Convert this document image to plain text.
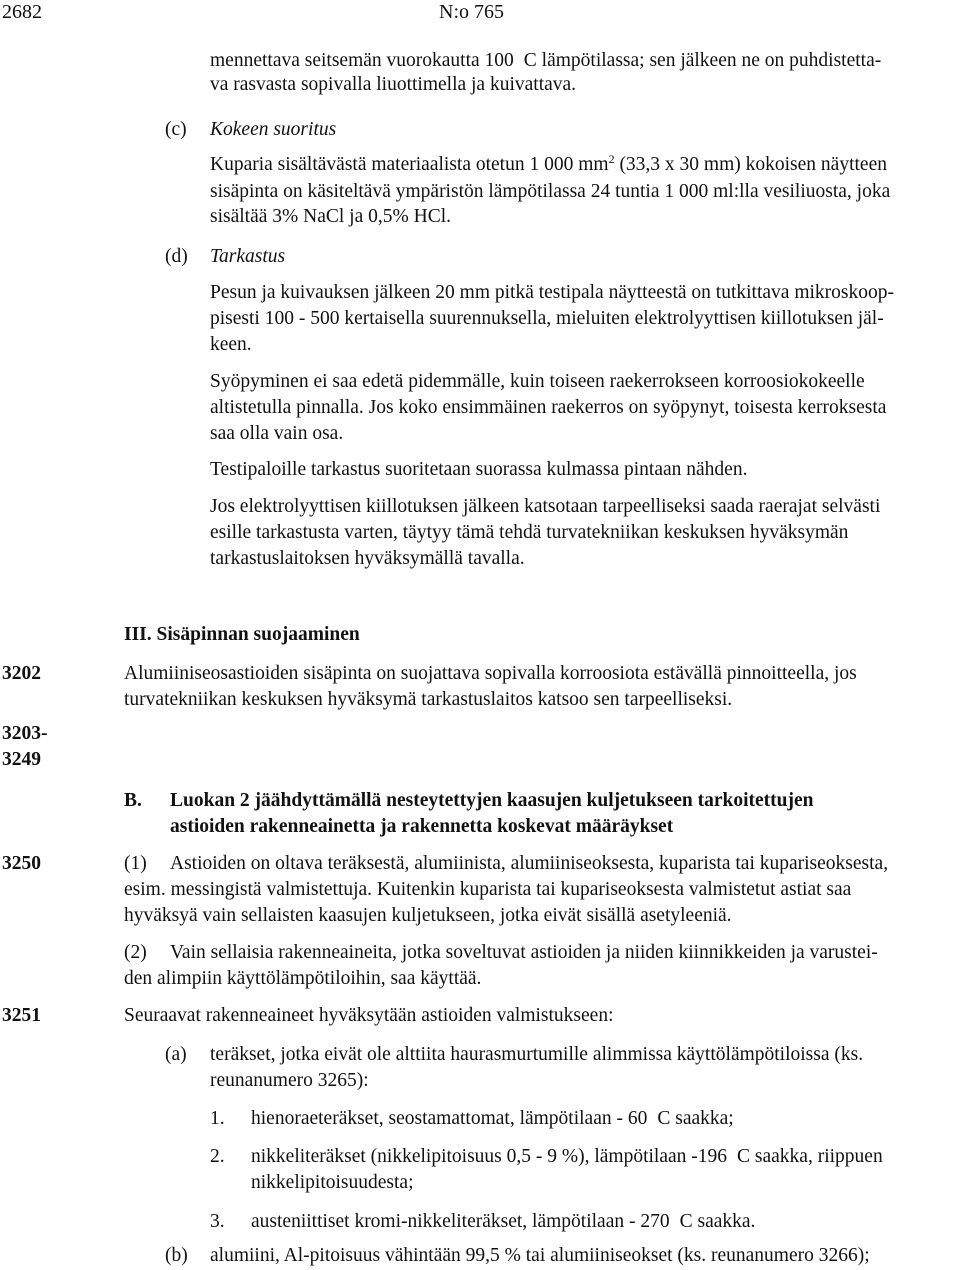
2682	N:o 765
mennettava seitsemän vuorokautta 100 C lämpötilassa; sen jälkeen ne on puhdistetta-
va rasvasta sopivalla liuottimella ja kuivattava.
(c) Kokeen suoritus
Kuparia sisältävästä materiaalista otetun 1 000 $mm^2$ (33,3 x 30 mm) kokoisen näytteen
sisäpinta on käsiteltävä ympäristön lämpötilassa 24 tuntia 1 000 ml:lla vesiliuosta, joka
sisältää 3% NaCl ja 0,5% HCl.
(d) Tarkastus
Pesun ja kuivauksen jälkeen 20 mm pitkä testipala näytteestä on tutkittava mikroskoop-
pisesti 100 - 500 kertaisella suurennuksella, mieluiten elektrolyyttisen kiillotuksen jäl-
keen.
Syöpyminen ei saa edetä pidemmälle, kuin toiseen raekerrokseen korroosiokokeelle
altistetulla pinnalla. Jos koko ensimmäinen raekerros on syöpynyt, toisesta kerroksesta
saa olla vain osa.
Testipaloille tarkastus suoritetaan suorassa kulmassa pintaan nähden.
Jos elektrolyyttisen kiillotuksen jälkeen katsotaan tarpeelliseksi saada raerajat selvästi
esille tarkastusta varten, täytyy tämä tehdä turvatekniikan keskuksen hyväksymän
tarkastuslaitoksen hyväksymällä tavalla.
III. Sisäpinnan suojaaminen
3202	Alumiiniseosastioiden sisäpinta on suojattava sopivalla korroosiota estävällä pinnoitteella, jos
turvatekniikan keskuksen hyväksymä tarkastuslaitos katsoo sen tarpeelliseksi.
3203-
3249
B. Luokan 2 jäähdyttämällä nesteytettyjen kaasujen kuljetukseen tarkoitettujen
astioiden rakenneainetta ja rakennetta koskevat määräykset
3250	(1) Astioiden on oltava teräksestä, alumiinista, alumiiniseoksesta, kuparista tai kupariseoksesta,
esim. messingistä valmistettuja. Kuitenkin kuparista tai kupariseoksesta valmistetut astiat saa
hyväksyä vain sellaisten kaasujen kuljetukseen, jotka eivät sisällä asetyleeniä.
(2) Vain sellaisia rakenneaineita, jotka soveltuvat astioiden ja niiden kiinnikkeiden ja varustei-
den alimpiin käyttölämpötiloihin, saa käyttää.
3251	Seuraavat rakenneaineet hyväksytään astioiden valmistukseen:
(a) teräkset, jotka eivät ole alttiita haurasmurtumille alimmissa käyttölämpötiloissa (ks.
reunanumero 3265):
1. hienoraeteräkset, seostamattomat, lämpötilaan - 60 C saakka;
2. nikkeliteräkset (nikkelipitoisuus 0,5 - 9 %), lämpötilaan -196 C saakka, riippuen
nikkelipitoisuudesta;
3. austeniittiset kromi-nikkeliteräkset, lämpötilaan - 270 C saakka.
(b) alumiini, Al-pitoisuus vähintään 99,5 % tai alumiiniseokset (ks. reunanumero 3266);
